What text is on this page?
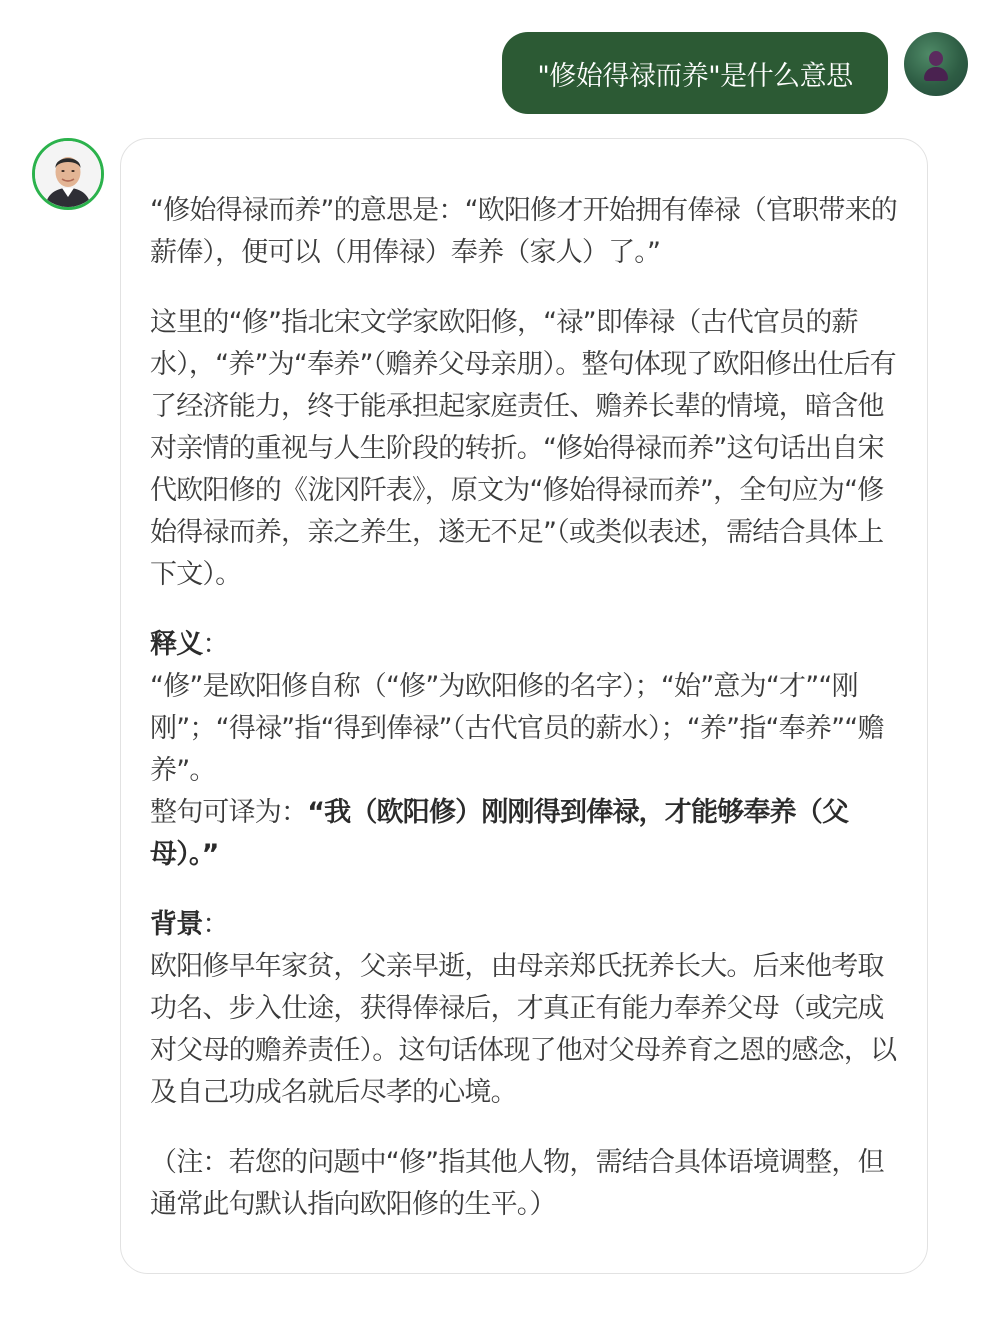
"修始得禄而养"是什么意思

“修始得禄而养”的意思是：“欧阳修才开始拥有俸禄（官职带来的薪俸），便可以（用俸禄）奉养（家人）了。”

这里的“修”指北宋文学家欧阳修，“禄”即俸禄（古代官员的薪水），“养”为“奉养”（赡养父母亲朋）。整句体现了欧阳修出仕后有了经济能力，终于能承担起家庭责任、赡养长辈的情境，暗含他对亲情的重视与人生阶段的转折。“修始得禄而养”这句话出自宋代欧阳修的《泷冈阡表》，原文为“修始得禄而养”，全句应为“修始得禄而养，亲之养生，遂无不足”（或类似表述，需结合具体上下文）。

释义：

“修”是欧阳修自称（“修”为欧阳修的名字）；“始”意为“才”“刚刚”；“得禄”指“得到俸禄”（古代官员的薪水）；“养”指“奉养”“赡养”。

整句可译为：“我（欧阳修）刚刚得到俸禄，才能够奉养（父母）。”

背景：

欧阳修早年家贫，父亲早逝，由母亲郑氏抚养长大。后来他考取功名、步入仕途，获得俸禄后，才真正有能力奉养父母（或完成对父母的赡养责任）。这句话体现了他对父母养育之恩的感念，以及自己功成名就后尽孝的心境。

（注：若您的问题中“修”指其他人物，需结合具体语境调整，但通常此句默认指向欧阳修的生平。）
